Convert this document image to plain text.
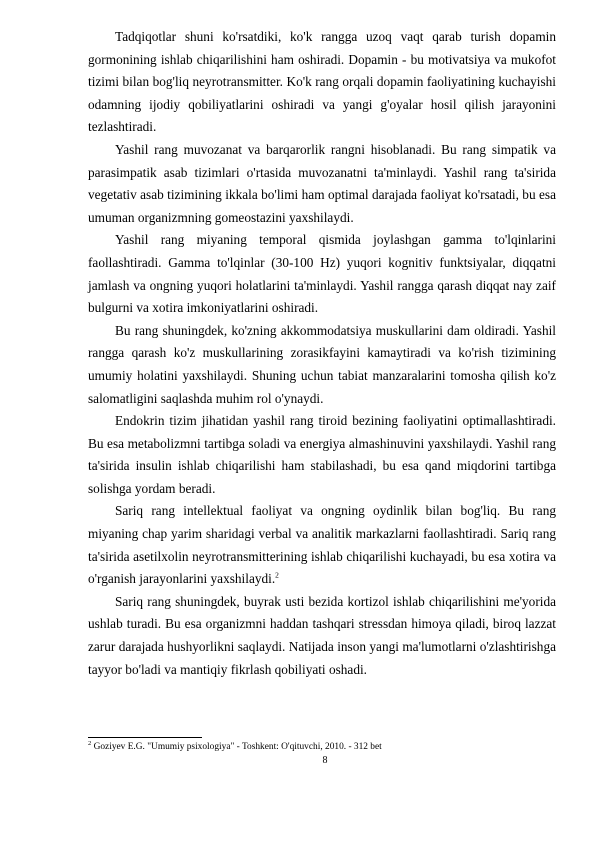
Tadqiqotlar shuni ko'rsatdiki, ko'k rangga uzoq vaqt qarab turish dopamin gormonining ishlab chiqarilishini ham oshiradi. Dopamin - bu motivatsiya va mukofot tizimi bilan bog'liq neyrotransmitter. Ko'k rang orqali dopamin faoliyatining kuchayishi odamning ijodiy qobiliyatlarini oshiradi va yangi g'oyalar hosil qilish jarayonini tezlashtiradi.

Yashil rang muvozanat va barqarorlik rangni hisoblanadi. Bu rang simpatik va parasimpatik asab tizimlari o'rtasida muvozanatni ta'minlaydi. Yashil rang ta'sirida vegetativ asab tizimining ikkala bo'limi ham optimal darajada faoliyat ko'rsatadi, bu esa umuman organizmning gomeostazini yaxshilaydi.

Yashil rang miyaning temporal qismida joylashgan gamma to'lqinlarini faollashtiradi. Gamma to'lqinlar (30-100 Hz) yuqori kognitiv funktsiyalar, diqqatni jamlash va ongning yuqori holatlarini ta'minlaydi. Yashil rangga qarash diqqat nay zaif bulgurni va xotira imkoniyatlarini oshiradi.

Bu rang shuningdek, ko'zning akkommodatsiya muskullarini dam oldiradi. Yashil rangga qarash ko'z muskullarining zorasikfayini kamaytiradi va ko'rish tizimining umumiy holatini yaxshilaydi. Shuning uchun tabiat manzaralarini tomosha qilish ko'z salomatligini saqlashda muhim rol o'ynaydi.

Endokrin tizim jihatidan yashil rang tiroid bezining faoliyatini optimallashtiradi. Bu esa metabolizmni tartibga soladi va energiya almashinuvini yaxshilaydi. Yashil rang ta'sirida insulin ishlab chiqarilishi ham stabilashadi, bu esa qand miqdorini tartibga solishga yordam beradi.

Sariq rang intellektual faoliyat va ongning oydinlik bilan bog'liq. Bu rang miyaning chap yarim sharidagi verbal va analitik markazlarni faollashtiradi. Sariq rang ta'sirida asetilxolin neyrotransmitterining ishlab chiqarilishi kuchayadi, bu esa xotira va o'rganish jarayonlarini yaxshilaydi.$^2$

Sariq rang shuningdek, buyrak usti bezida kortizol ishlab chiqarilishini me'yorida ushlab turadi. Bu esa organizmni haddan tashqari stressdan himoya qiladi, biroq lazzat zarur darajada hushyorlikni saqlaydi. Natijada inson yangi ma'lumotlarni o'zlashtirishga tayyor bo'ladi va mantiqiy fikrlash qobiliyati oshadi.

$^2$ Goziyev E.G. "Umumiy psixologiya" - Toshkent: O'qituvchi, 2010. - 312 bet
8
